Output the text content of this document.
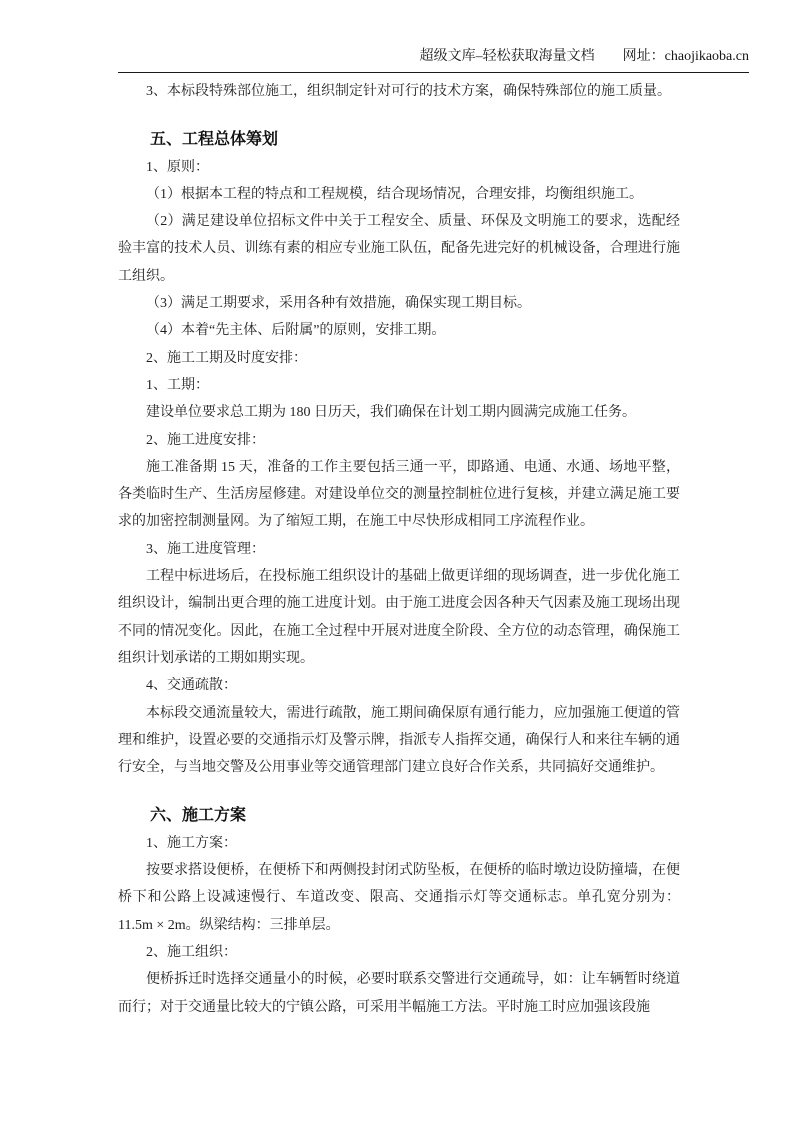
超级文库–轻松获取海量文档 网址：chaojikaoba.cn

3、本标段特殊部位施工，组织制定针对可行的技术方案，确保特殊部位的施工质量。

五、工程总体筹划

1、原则：

（1）根据本工程的特点和工程规模，结合现场情况，合理安排，均衡组织施工。

（2）满足建设单位招标文件中关于工程安全、质量、环保及文明施工的要求，选配经验丰富的技术人员、训练有素的相应专业施工队伍，配备先进完好的机械设备，合理进行施工组织。

（3）满足工期要求，采用各种有效措施，确保实现工期目标。

（4）本着“先主体、后附属”的原则，安排工期。

2、施工工期及时度安排：

1、工期：

建设单位要求总工期为 180 日历天，我们确保在计划工期内圆满完成施工任务。

2、施工进度安排：

施工准备期 15 天，准备的工作主要包括三通一平，即路通、电通、水通、场地平整，各类临时生产、生活房屋修建。对建设单位交的测量控制桩位进行复核，并建立满足施工要求的加密控制测量网。为了缩短工期，在施工中尽快形成相同工序流程作业。

3、施工进度管理：

工程中标进场后，在投标施工组织设计的基础上做更详细的现场调查，进一步优化施工组织设计，编制出更合理的施工进度计划。由于施工进度会因各种天气因素及施工现场出现不同的情况变化。因此，在施工全过程中开展对进度全阶段、全方位的动态管理，确保施工组织计划承诺的工期如期实现。

4、交通疏散：

本标段交通流量较大，需进行疏散，施工期间确保原有通行能力，应加强施工便道的管理和维护，设置必要的交通指示灯及警示牌，指派专人指挥交通，确保行人和来往车辆的通行安全，与当地交警及公用事业等交通管理部门建立良好合作关系，共同搞好交通维护。

六、施工方案

1、施工方案：

按要求搭设便桥，在便桥下和两侧投封闭式防坠板，在便桥的临时墩边设防撞墙，在便桥下和公路上设减速慢行、车道改变、限高、交通指示灯等交通标志。单孔宽分别为：11.5m × 2m。纵梁结构：三排单层。

2、施工组织：

便桥拆迁时选择交通量小的时候，必要时联系交警进行交通疏导，如：让车辆暂时绕道而行；对于交通量比较大的宁镇公路，可采用半幅施工方法。平时施工时应加强该段施
